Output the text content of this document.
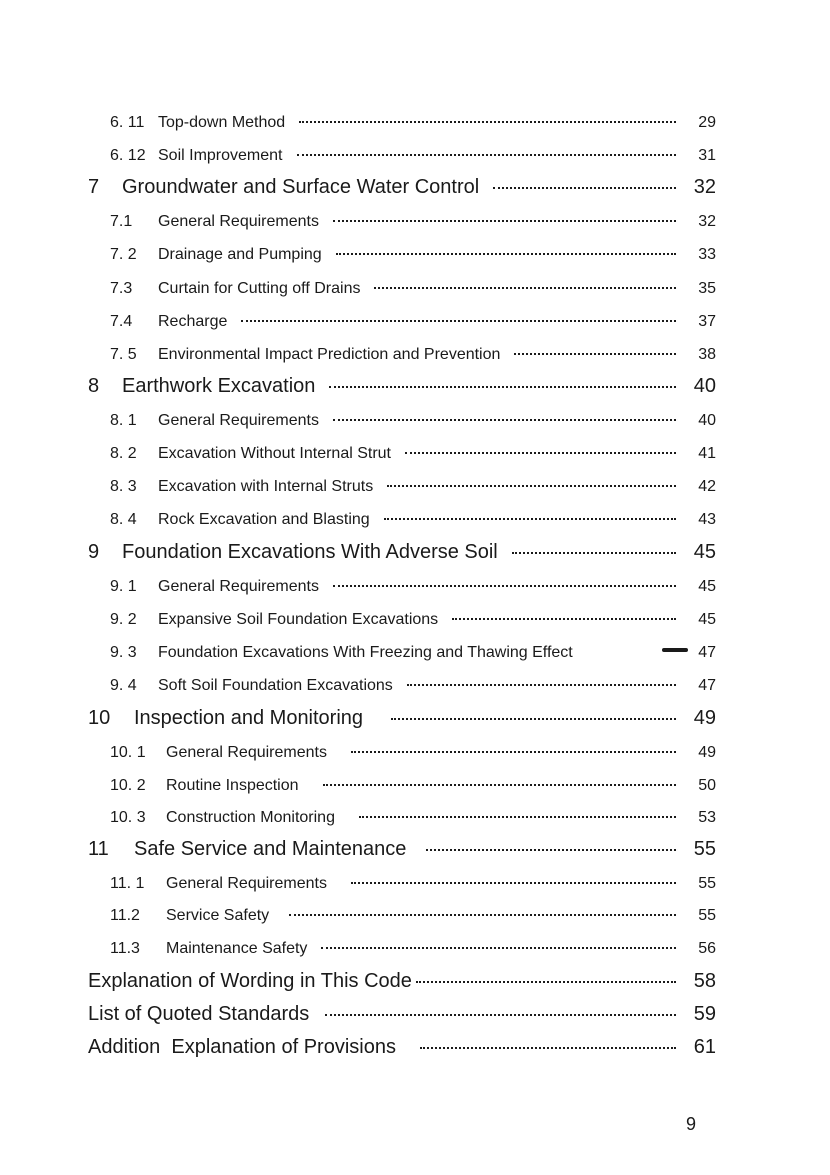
6. 11 Top-down Method	29
6. 12 Soil Improvement	31
7	Groundwater and Surface Water Control	32
7.1	General Requirements	32
7. 2	Drainage and Pumping	33
7.3	Curtain for Cutting off Drains	35
7.4	Recharge	37
7. 5	Environmental Impact Prediction and Prevention	38
8	Earthwork Excavation	40
8. 1	General Requirements	40
8. 2	Excavation Without Internal Strut	41
8. 3	Excavation with Internal Struts	42
8. 4	Rock Excavation and Blasting	43
9	Foundation Excavations With Adverse Soil	45
9. 1	General Requirements	45
9. 2	Expansive Soil Foundation Excavations	45
9. 3	Foundation Excavations With Freezing and Thawing Effect	47
9. 4	Soft Soil Foundation Excavations	47
10	Inspection and Monitoring	49
10. 1	General Requirements	49
10. 2	Routine Inspection	50
10. 3	Construction Monitoring	53
11	Safe Service and Maintenance	55
11. 1	General Requirements	55
11.2	Service Safety	55
11.3	Maintenance Safety	56
Explanation of Wording in This Code	58
List of Quoted Standards	59
Addition  Explanation of Provisions	61
9
